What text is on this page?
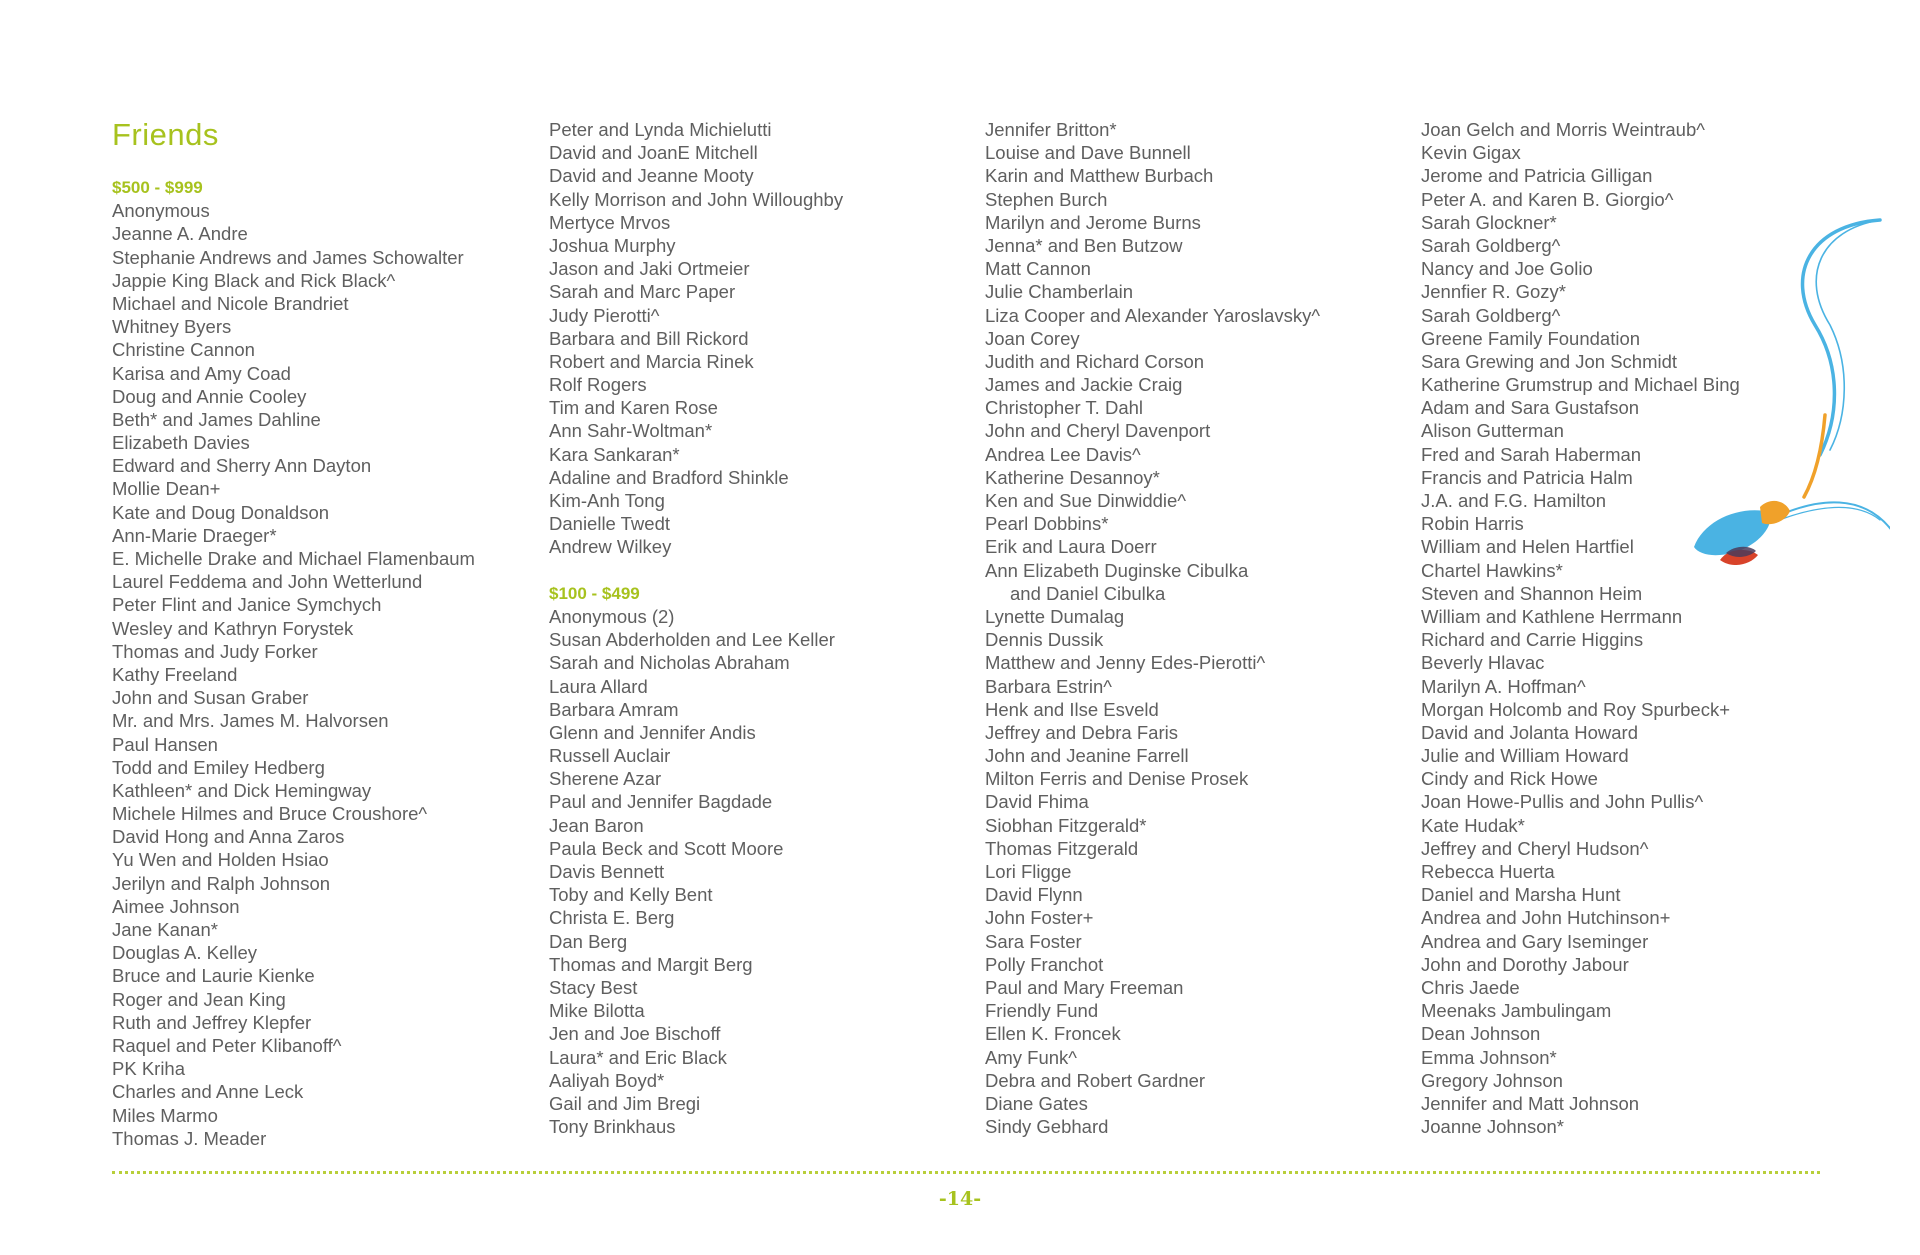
Friends
$500 - $999
Anonymous
Jeanne A. Andre
Stephanie Andrews and James Schowalter
Jappie King Black and Rick Black^
Michael and Nicole Brandriet
Whitney Byers
Christine Cannon
Karisa and Amy Coad
Doug and Annie Cooley
Beth* and James Dahline
Elizabeth Davies
Edward and Sherry Ann Dayton
Mollie Dean+
Kate and Doug Donaldson
Ann-Marie Draeger*
E. Michelle Drake and Michael Flamenbaum
Laurel Feddema and John Wetterlund
Peter Flint and Janice Symchych
Wesley and Kathryn Forystek
Thomas and Judy Forker
Kathy Freeland
John and Susan Graber
Mr. and Mrs. James M. Halvorsen
Paul Hansen
Todd and Emiley Hedberg
Kathleen* and Dick Hemingway
Michele Hilmes and Bruce Croushore^
David Hong and Anna Zaros
Yu Wen and Holden Hsiao
Jerilyn and Ralph Johnson
Aimee Johnson
Jane Kanan*
Douglas A. Kelley
Bruce and Laurie Kienke
Roger and Jean King
Ruth and Jeffrey Klepfer
Raquel and Peter Klibanoff^
PK Kriha
Charles and Anne Leck
Miles Marmo
Thomas J. Meader
Peter and Lynda Michielutti
David and JoanE Mitchell
David and Jeanne Mooty
Kelly Morrison and John Willoughby
Mertyce Mrvos
Joshua Murphy
Jason and Jaki Ortmeier
Sarah and Marc Paper
Judy Pierotti^
Barbara and Bill Rickord
Robert and Marcia Rinek
Rolf Rogers
Tim and Karen Rose
Ann Sahr-Woltman*
Kara Sankaran*
Adaline and Bradford Shinkle
Kim-Anh Tong
Danielle Twedt
Andrew Wilkey
$100 - $499
Anonymous (2)
Susan Abderholden and Lee Keller
Sarah and Nicholas Abraham
Laura Allard
Barbara Amram
Glenn and Jennifer Andis
Russell Auclair
Sherene Azar
Paul and Jennifer Bagdade
Jean Baron
Paula Beck and Scott Moore
Davis Bennett
Toby and Kelly Bent
Christa E. Berg
Dan Berg
Thomas and Margit Berg
Stacy Best
Mike Bilotta
Jen and Joe Bischoff
Laura* and Eric Black
Aaliyah Boyd*
Gail and Jim Bregi
Tony Brinkhaus
Jennifer Britton*
Louise and Dave Bunnell
Karin and Matthew Burbach
Stephen Burch
Marilyn and Jerome Burns
Jenna* and Ben Butzow
Matt Cannon
Julie Chamberlain
Liza Cooper and Alexander Yaroslavsky^
Joan Corey
Judith and Richard Corson
James and Jackie Craig
Christopher T. Dahl
John and Cheryl Davenport
Andrea Lee Davis^
Katherine Desannoy*
Ken and Sue Dinwiddie^
Pearl Dobbins*
Erik and Laura Doerr
Ann Elizabeth Duginske Cibulka
and Daniel Cibulka
Lynette Dumalag
Dennis Dussik
Matthew and Jenny Edes-Pierotti^
Barbara Estrin^
Henk and Ilse Esveld
Jeffrey and Debra Faris
John and Jeanine Farrell
Milton Ferris and Denise Prosek
David Fhima
Siobhan Fitzgerald*
Thomas Fitzgerald
Lori Fligge
David Flynn
John Foster+
Sara Foster
Polly Franchot
Paul and Mary Freeman
Friendly Fund
Ellen K. Froncek
Amy Funk^
Debra and Robert Gardner
Diane Gates
Sindy Gebhard
Joan Gelch and Morris Weintraub^
Kevin Gigax
Jerome and Patricia Gilligan
Peter A. and Karen B. Giorgio^
Sarah Glockner*
Sarah Goldberg^
Nancy and Joe Golio
Jennfier R. Gozy*
Sarah Goldberg^
Greene Family Foundation
Sara Grewing and Jon Schmidt
Katherine Grumstrup and Michael Bing
Adam and Sara Gustafson
Alison Gutterman
Fred and Sarah Haberman
Francis and Patricia Halm
J.A. and F.G. Hamilton
Robin Harris
William and Helen Hartfiel
Chartel Hawkins*
Steven and Shannon Heim
William and Kathlene Herrmann
Richard and Carrie Higgins
Beverly Hlavac
Marilyn A. Hoffman^
Morgan Holcomb and Roy Spurbeck+
David and Jolanta Howard
Julie and William Howard
Cindy and Rick Howe
Joan Howe-Pullis and John Pullis^
Kate Hudak*
Jeffrey and Cheryl Hudson^
Rebecca Huerta
Daniel and Marsha Hunt
Andrea and John Hutchinson+
Andrea and Gary Iseminger
John and Dorothy Jabour
Chris Jaede
Meenaks Jambulingam
Dean Johnson
Emma Johnson*
Gregory Johnson
Jennifer and Matt Johnson
Joanne Johnson*
-14-
